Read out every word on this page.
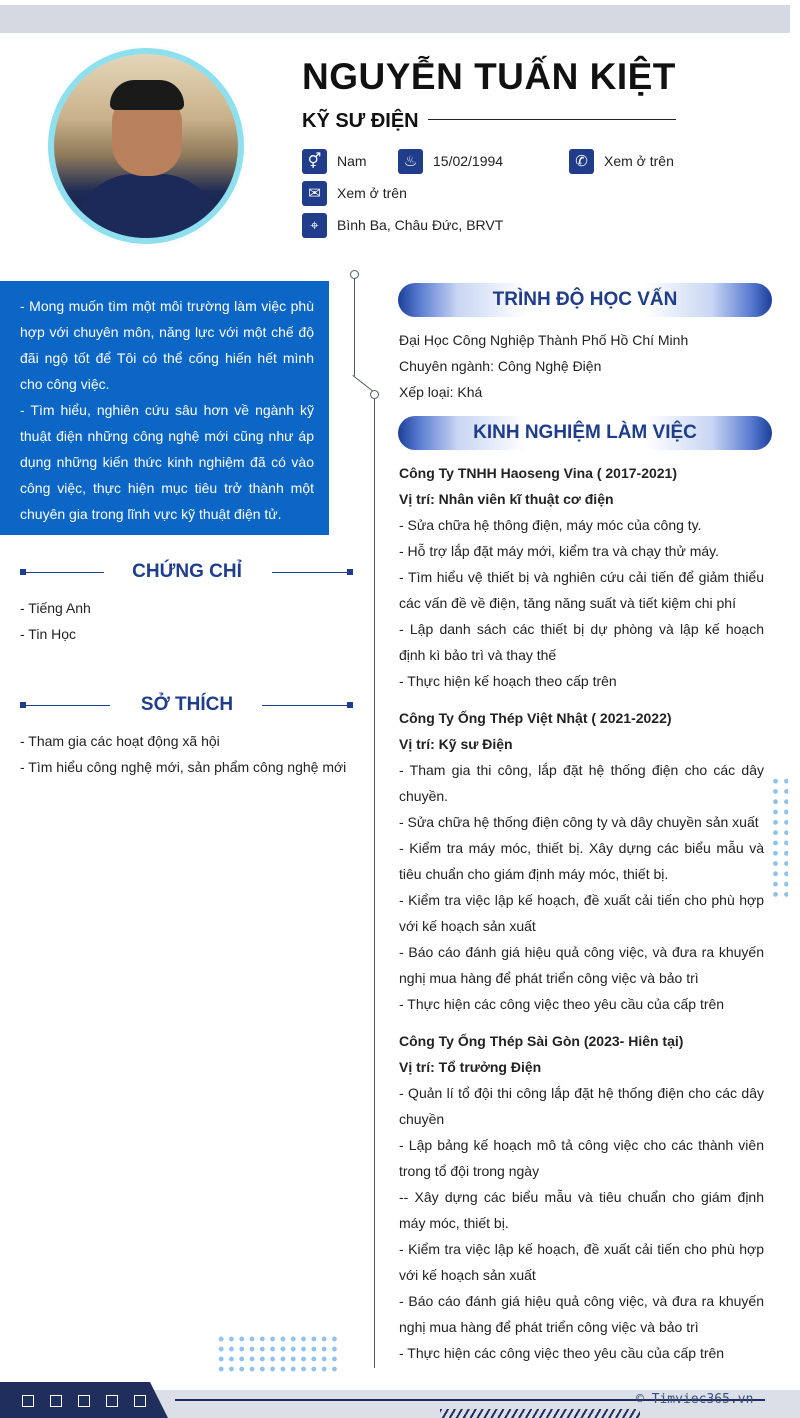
NGUYỄN TUẤN KIỆT
KỸ SƯ ĐIỆN
⚥	Nam	♨	15/02/1994	✆	Xem ở trên
✉	Xem ở trên
⌖	Bình Ba, Châu Đức, BRVT

- Mong muốn tìm một môi trường làm việc phù hợp với chuyên môn, năng lực với một chế độ đãi ngộ tốt để Tôi có thể cống hiến hết mình cho công việc.
- Tìm hiểu, nghiên cứu sâu hơn về ngành kỹ thuật điện những công nghệ mới cũng như áp dụng những kiến thức kinh nghiệm đã có vào công việc, thực hiện mục tiêu trở thành một chuyên gia trong lĩnh vực kỹ thuật điện tử.

CHỨNG CHỈ
- Tiếng Anh
- Tin Học
SỞ THÍCH
- Tham gia các hoạt động xã hội
- Tìm hiểu công nghệ mới, sản phẩm công nghệ mới
TRÌNH ĐỘ HỌC VẤN
Đại Học Công Nghiệp Thành Phố Hồ Chí Minh
Chuyên ngành: Công Nghệ Điện
Xếp loại: Khá
KINH NGHIỆM LÀM VIỆC
Công Ty TNHH Haoseng Vina ( 2017-2021)
Vị trí: Nhân viên kĩ thuật cơ điện
- Sửa chữa hệ thông điện, máy móc của công ty.
- Hỗ trợ lắp đặt máy mới, kiểm tra và chạy thử máy.
- Tìm hiểu vệ thiết bị và nghiên cứu cải tiến để giảm thiểu các vấn đề về điện, tăng năng suất và tiết kiệm chi phí
- Lập danh sách các thiết bị dự phòng và lập kế hoạch định kì bảo trì và thay thế
- Thực hiện kế hoạch theo cấp trên
Công Ty Ống Thép Việt Nhật ( 2021-2022)
Vị trí: Kỹ sư Điện
- Tham gia thi công, lắp đặt hệ thống điện cho các dây chuyền.
- Sửa chữa hệ thống điện công ty và dây chuyền sản xuất
- Kiểm tra máy móc, thiết bị. Xây dựng các biểu mẫu và tiêu chuẩn cho giám định máy móc, thiết bị.
- Kiểm tra việc lập kế hoạch, đề xuất cải tiến cho phù hợp với kế hoạch sản xuất
- Báo cáo đánh giá hiệu quả công việc, và đưa ra khuyến nghị mua hàng để phát triển công việc và bảo trì
- Thực hiện các công việc theo yêu cầu của cấp trên
Công Ty Ống Thép Sài Gòn (2023- Hiên tại)
Vị trí: Tổ trưởng Điện
- Quản lí tổ đội thi công lắp đặt hệ thống điện cho các dây chuyền
- Lập bảng kế hoạch mô tả công việc cho các thành viên trong tổ đội trong ngày
-- Xây dựng các biểu mẫu và tiêu chuẩn cho giám định máy móc, thiết bị.
- Kiểm tra việc lập kế hoạch, đề xuất cải tiến cho phù hợp với kế hoạch sản xuất
- Báo cáo đánh giá hiệu quả công việc, và đưa ra khuyến nghị mua hàng để phát triển công việc và bảo trì
- Thực hiện các công việc theo yêu cầu của cấp trên
© Timviec365.vn
